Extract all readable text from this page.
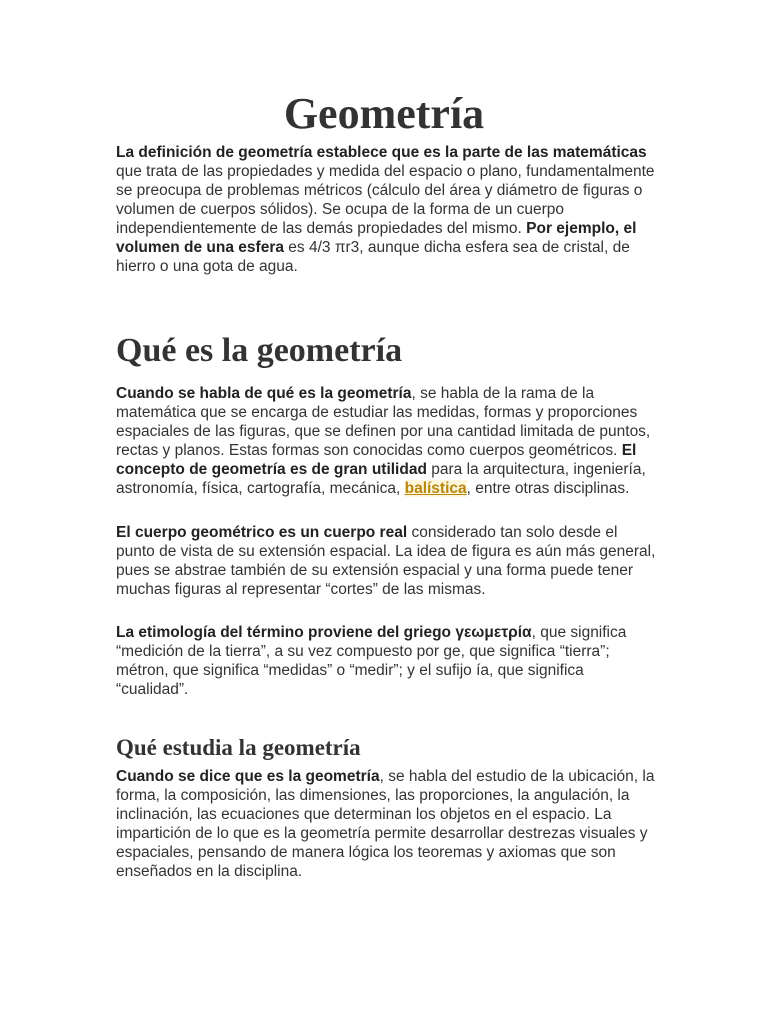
Geometría

La definición de geometría establece que es la parte de las matemáticas que trata de las propiedades y medida del espacio o plano, fundamentalmente se preocupa de problemas métricos (cálculo del área y diámetro de figuras o volumen de cuerpos sólidos). Se ocupa de la forma de un cuerpo independientemente de las demás propiedades del mismo. Por ejemplo, el volumen de una esfera es 4/3 πr3, aunque dicha esfera sea de cristal, de hierro o una gota de agua.

Qué es la geometría

Cuando se habla de qué es la geometría, se habla de la rama de la matemática que se encarga de estudiar las medidas, formas y proporciones espaciales de las figuras, que se definen por una cantidad limitada de puntos, rectas y planos. Estas formas son conocidas como cuerpos geométricos. El concepto de geometría es de gran utilidad para la arquitectura, ingeniería, astronomía, física, cartografía, mecánica, balística, entre otras disciplinas.

El cuerpo geométrico es un cuerpo real considerado tan solo desde el punto de vista de su extensión espacial. La idea de figura es aún más general, pues se abstrae también de su extensión espacial y una forma puede tener muchas figuras al representar “cortes” de las mismas.

La etimología del término proviene del griego γεωμετρία, que significa “medición de la tierra”, a su vez compuesto por ge, que significa “tierra”; métron, que significa “medidas” o “medir”; y el sufijo ía, que significa “cualidad”.

Qué estudia la geometría

Cuando se dice que es la geometría, se habla del estudio de la ubicación, la forma, la composición, las dimensiones, las proporciones, la angulación, la inclinación, las ecuaciones que determinan los objetos en el espacio. La impartición de lo que es la geometría permite desarrollar destrezas visuales y espaciales, pensando de manera lógica los teoremas y axiomas que son enseñados en la disciplina.
